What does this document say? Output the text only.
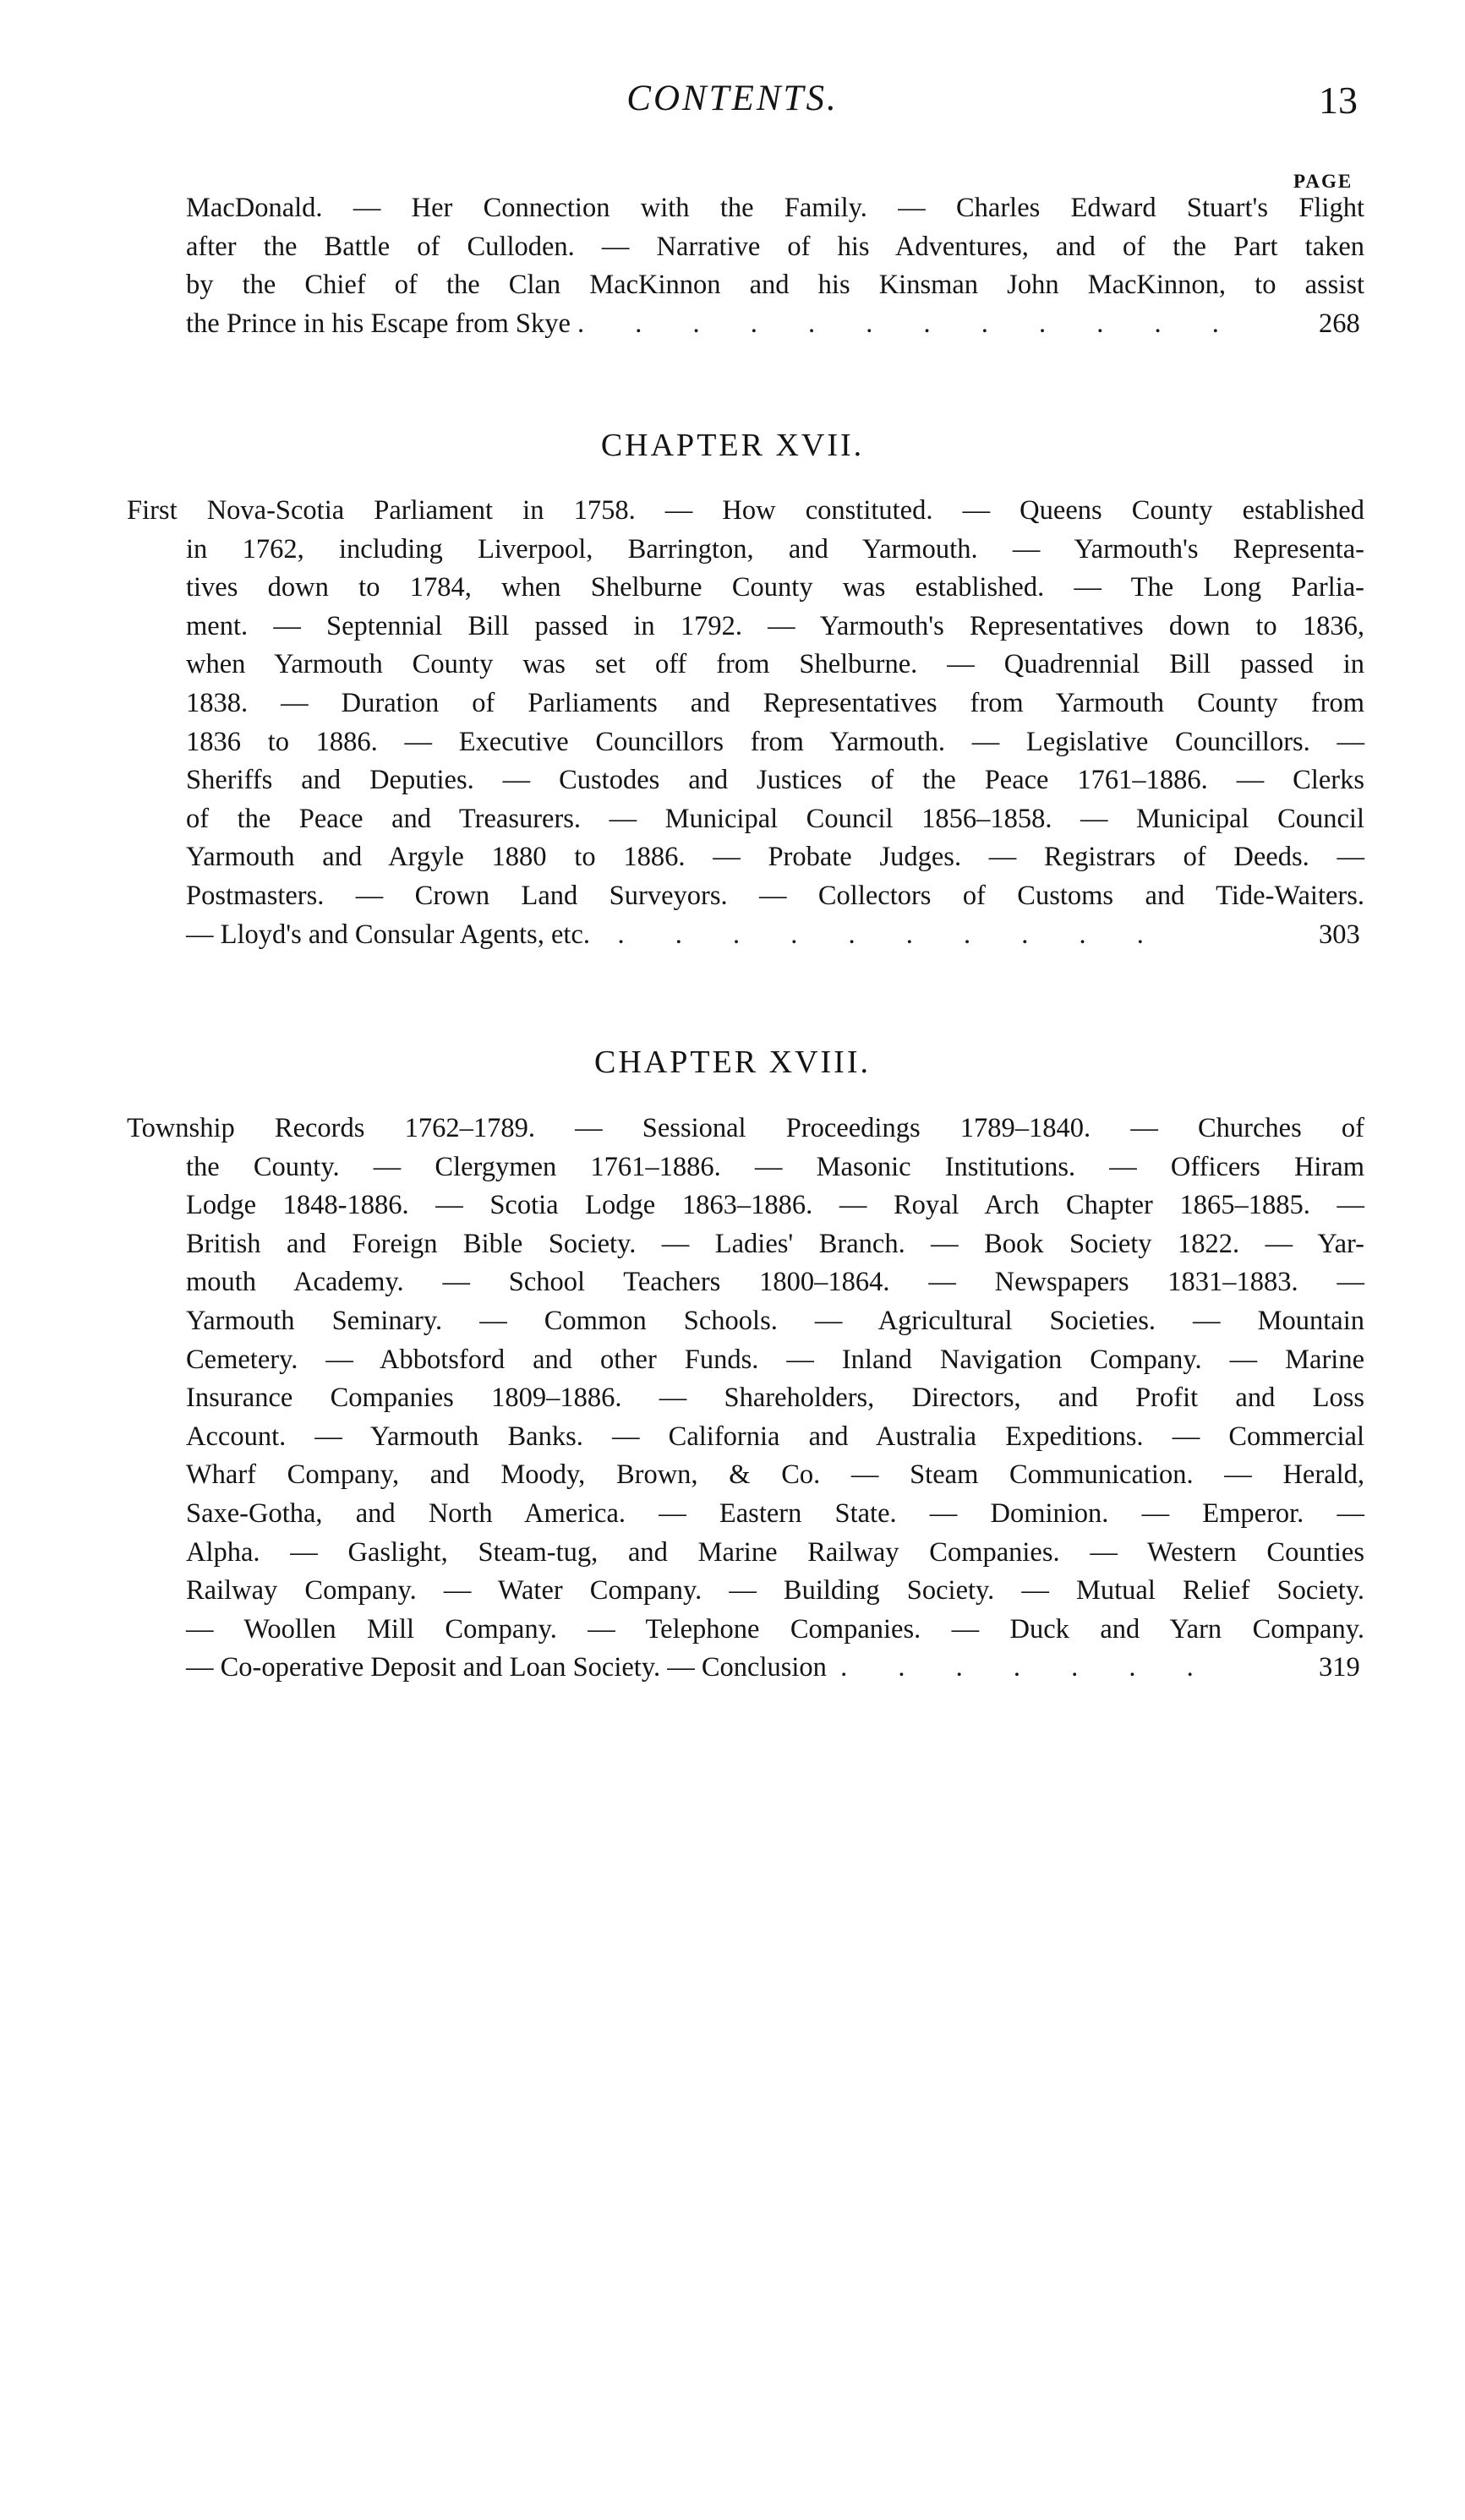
CONTENTS.	13
PAGE
MacDonald. — Her Connection with the Family. — Charles Edward Stuart's Flight
after the Battle of Culloden. — Narrative of his Adventures, and of the Part taken
by the Chief of the Clan MacKinnon and his Kinsman John MacKinnon, to assist
the Prince in his Escape from Skye . . . . . . . . . . . .	268
CHAPTER XVII.
First Nova-Scotia Parliament in 1758. — How constituted. — Queens County established
in 1762, including Liverpool, Barrington, and Yarmouth. — Yarmouth's Representa-
tives down to 1784, when Shelburne County was established. — The Long Parlia-
ment. — Septennial Bill passed in 1792. — Yarmouth's Representatives down to 1836,
when Yarmouth County was set off from Shelburne. — Quadrennial Bill passed in
1838. — Duration of Parliaments and Representatives from Yarmouth County from
1836 to 1886. — Executive Councillors from Yarmouth. — Legislative Councillors. —
Sheriffs and Deputies. — Custodes and Justices of the Peace 1761–1886. — Clerks
of the Peace and Treasurers. — Municipal Council 1856–1858. — Municipal Council
Yarmouth and Argyle 1880 to 1886. — Probate Judges. — Registrars of Deeds. —
Postmasters. — Crown Land Surveyors. — Collectors of Customs and Tide-Waiters.
— Lloyd's and Consular Agents, etc. . . . . . . . . . .	303
CHAPTER XVIII.
Township Records 1762–1789. — Sessional Proceedings 1789–1840. — Churches of
the County. — Clergymen 1761–1886. — Masonic Institutions. — Officers Hiram
Lodge 1848-1886. — Scotia Lodge 1863–1886. — Royal Arch Chapter 1865–1885. —
British and Foreign Bible Society. — Ladies' Branch. — Book Society 1822. — Yar-
mouth Academy. — School Teachers 1800–1864. — Newspapers 1831–1883. —
Yarmouth Seminary. — Common Schools. — Agricultural Societies. — Mountain
Cemetery. — Abbotsford and other Funds. — Inland Navigation Company. — Marine
Insurance Companies 1809–1886. — Shareholders, Directors, and Profit and Loss
Account. — Yarmouth Banks. — California and Australia Expeditions. — Commercial
Wharf Company, and Moody, Brown, & Co. — Steam Communication. — Herald,
Saxe-Gotha, and North America. — Eastern State. — Dominion. — Emperor. —
Alpha. — Gaslight, Steam-tug, and Marine Railway Companies. — Western Counties
Railway Company. — Water Company. — Building Society. — Mutual Relief Society.
— Woollen Mill Company. — Telephone Companies. — Duck and Yarn Company.
— Co-operative Deposit and Loan Society. — Conclusion . . . . . . .	319
